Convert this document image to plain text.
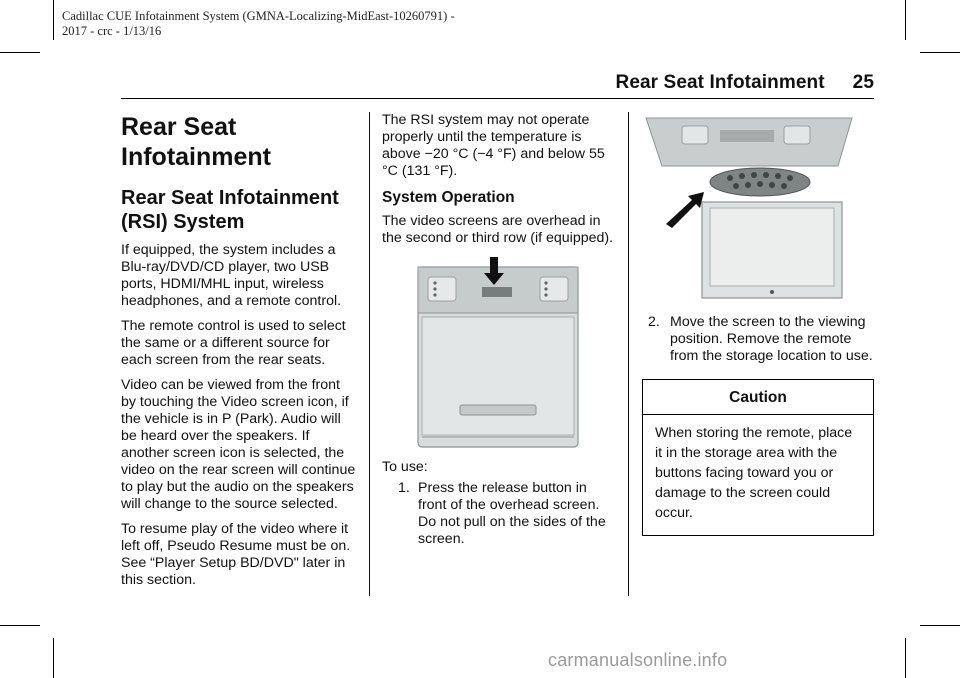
Cadillac CUE Infotainment System (GMNA-Localizing-MidEast-10260791) -
2017 - crc - 1/13/16
Rear Seat Infotainment 25
Rear Seat
Infotainment
Rear Seat Infotainment
(RSI) System

If equipped, the system includes a Blu-ray/DVD/CD player, two USB ports, HDMI/MHL input, wireless headphones, and a remote control.

The remote control is used to select the same or a different source for each screen from the rear seats.

Video can be viewed from the front by touching the Video screen icon, if the vehicle is in P (Park). Audio will be heard over the speakers. If another screen icon is selected, the video on the rear screen will continue to play but the audio on the speakers will change to the source selected.

To resume play of the video where it left off, Pseudo Resume must be on. See “Player Setup BD/DVD" later in this section.

The RSI system may not operate properly until the temperature is above −20 °C (−4 °F) and below 55 °C (131 °F).

System Operation

The video screens are overhead in the second or third row (if equipped).

To use:

1. Press the release button in front of the overhead screen. Do not pull on the sides of the screen.
2. Move the screen to the viewing position. Remove the remote from the storage location to use.
Caution
When storing the remote, place it in the storage area with the buttons facing toward you or damage to the screen could occur.
carmanualsonline.info
